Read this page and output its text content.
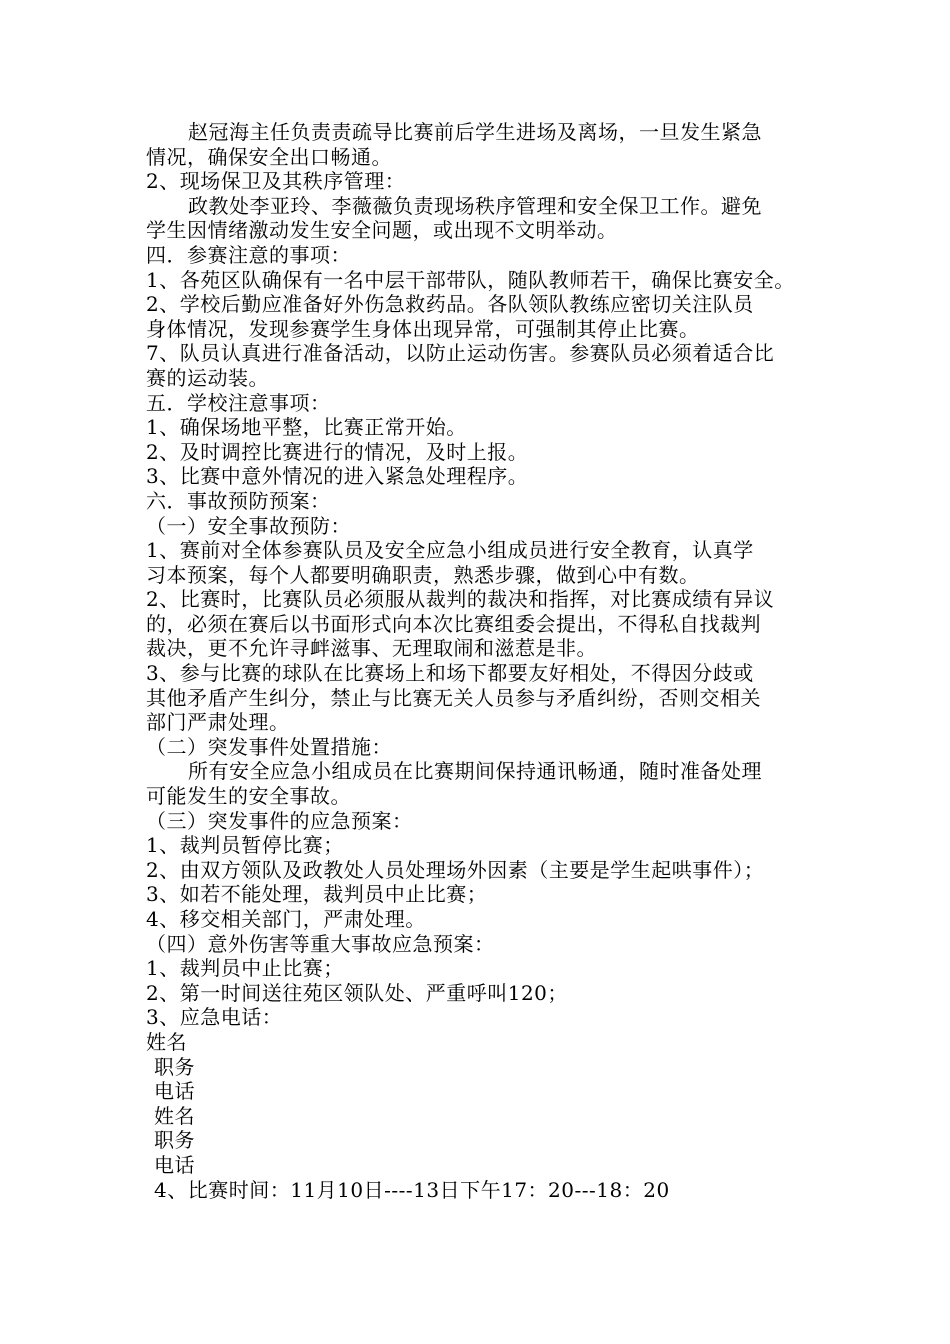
赵冠海主任负责责疏导比赛前后学生进场及离场，一旦发生紧急
情况，确保安全出口畅通。
2、现场保卫及其秩序管理：
政教处李亚玲、李薇薇负责现场秩序管理和安全保卫工作。避免
学生因情绪激动发生安全问题，或出现不文明举动。
四．参赛注意的事项：
1、各苑区队确保有一名中层干部带队，随队教师若干，确保比赛安全。
2、学校后勤应准备好外伤急救药品。各队领队教练应密切关注队员
身体情况，发现参赛学生身体出现异常，可强制其停止比赛。
7、队员认真进行准备活动，以防止运动伤害。参赛队员必须着适合比
赛的运动装。
五．学校注意事项：
1、确保场地平整，比赛正常开始。
2、及时调控比赛进行的情况，及时上报。
3、比赛中意外情况的进入紧急处理程序。
六．事故预防预案：
（一）安全事故预防：
1、赛前对全体参赛队员及安全应急小组成员进行安全教育，认真学
习本预案，每个人都要明确职责，熟悉步骤，做到心中有数。
2、比赛时，比赛队员必须服从裁判的裁决和指挥，对比赛成绩有异议
的，必须在赛后以书面形式向本次比赛组委会提出，不得私自找裁判
裁决，更不允许寻衅滋事、无理取闹和滋惹是非。
3、参与比赛的球队在比赛场上和场下都要友好相处，不得因分歧或
其他矛盾产生纠分，禁止与比赛无关人员参与矛盾纠纷，否则交相关
部门严肃处理。
（二）突发事件处置措施：
所有安全应急小组成员在比赛期间保持通讯畅通，随时准备处理
可能发生的安全事故。
（三）突发事件的应急预案：
1、裁判员暂停比赛；
2、由双方领队及政教处人员处理场外因素（主要是学生起哄事件）；
3、如若不能处理，裁判员中止比赛；
4、移交相关部门，严肃处理。
（四）意外伤害等重大事故应急预案：
1、裁判员中止比赛；
2、第一时间送往苑区领队处、严重呼叫120；
3、应急电话：
姓名
职务
电话
姓名
职务
电话
4、比赛时间：11月10日----13日下午17：20---18：20
